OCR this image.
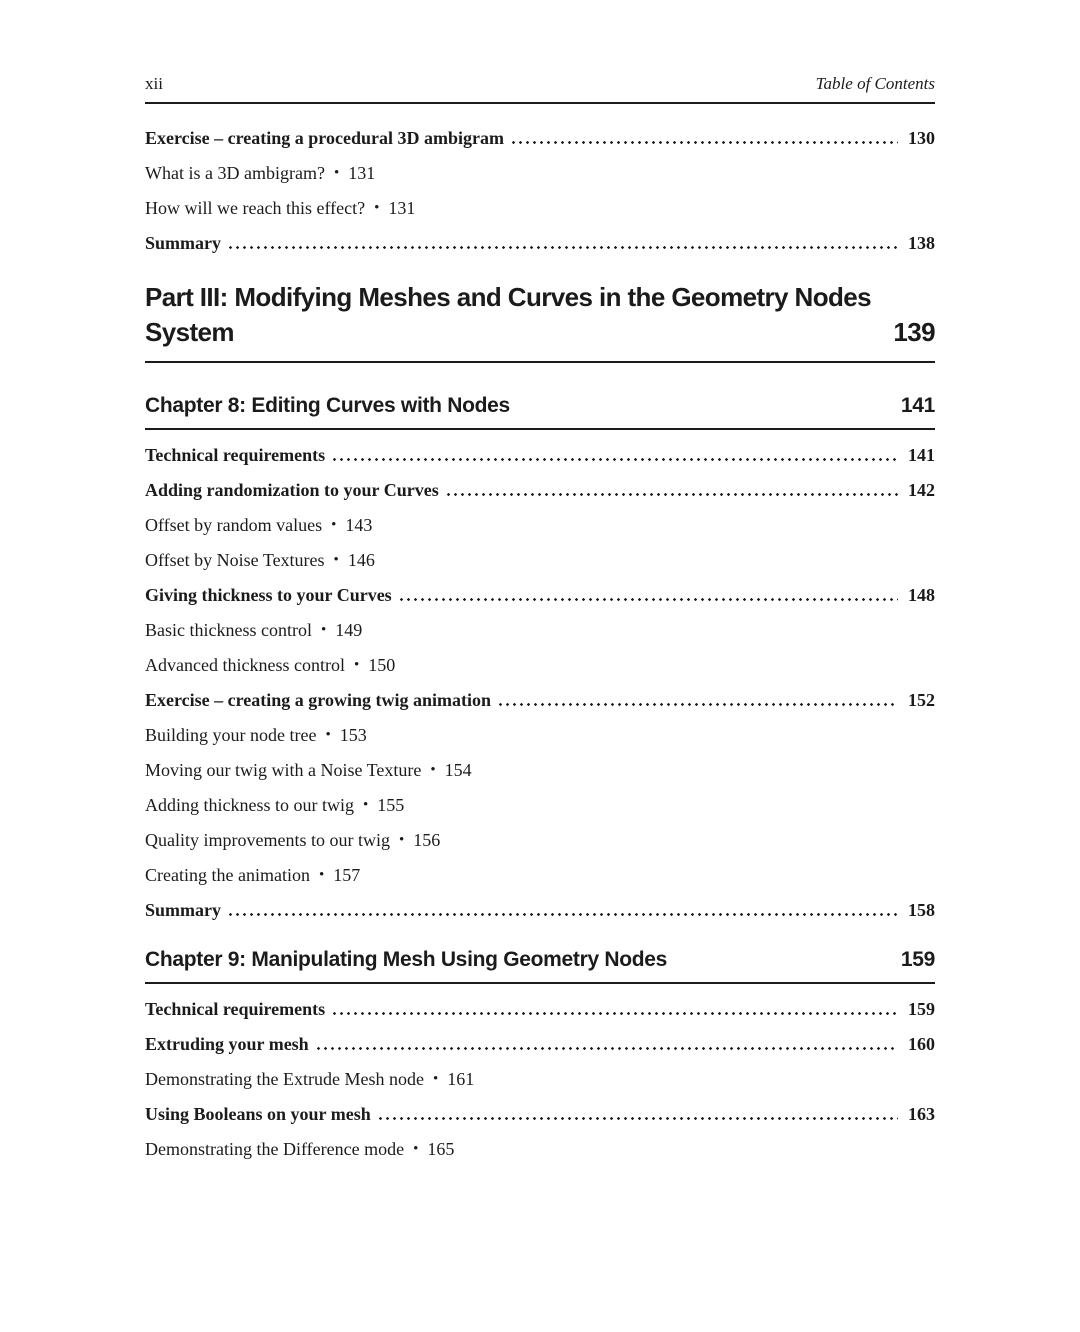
xii	Table of Contents
Exercise – creating a procedural 3D ambigram	130
What is a 3D ambigram? • 131
How will we reach this effect? • 131
Summary	138
Part III: Modifying Meshes and Curves in the Geometry Nodes
System	139
Chapter 8: Editing Curves with Nodes	141
Technical requirements	141
Adding randomization to your Curves	142
Offset by random values • 143
Offset by Noise Textures • 146
Giving thickness to your Curves	148
Basic thickness control • 149
Advanced thickness control • 150
Exercise – creating a growing twig animation	152
Building your node tree • 153
Moving our twig with a Noise Texture • 154
Adding thickness to our twig • 155
Quality improvements to our twig • 156
Creating the animation • 157
Summary	158
Chapter 9: Manipulating Mesh Using Geometry Nodes	159
Technical requirements	159
Extruding your mesh	160
Demonstrating the Extrude Mesh node • 161
Using Booleans on your mesh	163
Demonstrating the Difference mode • 165
